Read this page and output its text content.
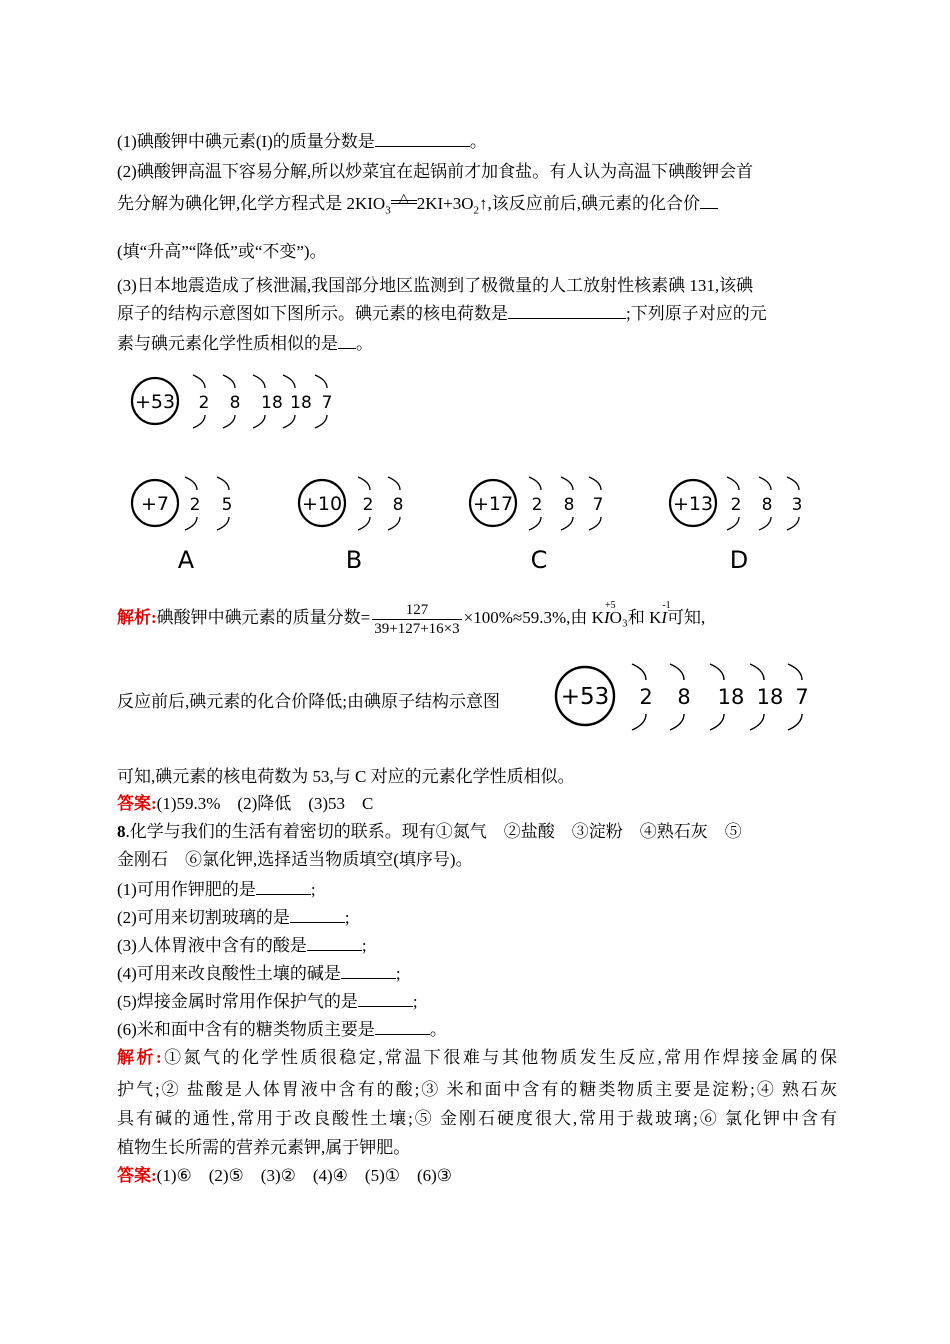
(1)碘酸钾中碘元素(I)的质量分数是	。
(2)碘酸钾高温下容易分解,所以炒菜宜在起锅前才加食盐。有人认为高温下碘酸钾会首
先分解为碘化钾,化学方程式是 $2KIO_3$
△ $2KI+3O_2↑$,该反应前后,碘元素的化合价
(填“升高”“降低”或“不变”)。
(3)日本地震造成了核泄漏,我国部分地区监测到了极微量的人工放射性核素碘 131,该碘
原子的结构示意图如下图所示。碘元素的核电荷数是	;下列原子对应的元
素与碘元素化学性质相似的是 。
+53 2 8 18 18 7
+7 2 5
A
+10 2 8
B
+17 2 8 7
C
+13 2 8 3
D
解析:碘酸钾中碘元素的质量分数= $\frac{127}{39+127+16\times 3} \times 100\%\approx 59.3\%$,由 K
+5
IO₃和 K
-1
I可知,
反应前后,碘元素的化合价降低;由碘原子结构示意图	+53 2 8 18 18 7
可知,碘元素的核电荷数为 53,与 C 对应的元素化学性质相似。
答案:(1)59.3%　(2)降低　(3)53　C
8.化学与我们的生活有着密切的联系。现有①氮气　②盐酸　③淀粉　④熟石灰　⑤
金刚石　⑥氯化钾,选择适当物质填空(填序号)。
(1)可用作钾肥的是	;
(2)可用来切割玻璃的是	;
(3)人体胃液中含有的酸是	;
(4)可用来改良酸性土壤的碱是	;
(5)焊接金属时常用作保护气的是	;
(6)米和面中含有的糖类物质主要是	。
解析:①氮气的化学性质很稳定,常温下很难与其他物质发生反应,常用作焊接金属的保
护气;② 盐酸是人体胃液中含有的酸;③ 米和面中含有的糖类物质主要是淀粉;④ 熟石灰
具有碱的通性,常用于改良酸性土壤;⑤ 金刚石硬度很大,常用于裁玻璃;⑥ 氯化钾中含有
植物生长所需的营养元素钾,属于钾肥。
答案:(1)⑥　(2)⑤　(3)②　(4)④　(5)①　(6)③
